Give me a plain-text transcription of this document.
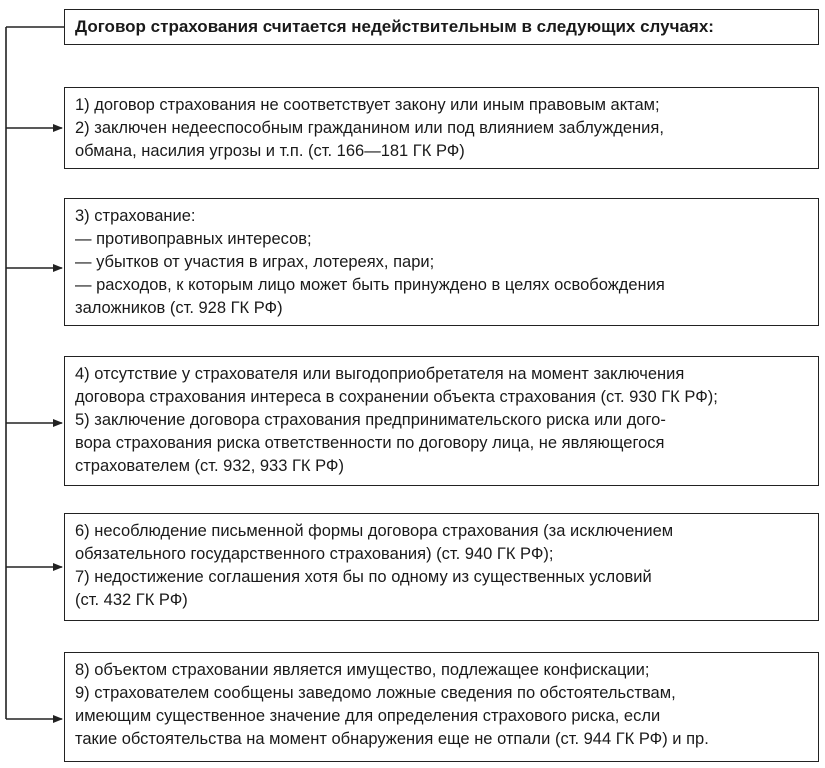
Договор страхования считается недействительным в следующих случаях:
1) договор страхования не соответствует закону или иным правовым актам;
2) заключен недееспособным гражданином или под влиянием заблуждения,
обмана, насилия угрозы и т.п. (ст. 166—181 ГК РФ)
3) страхование:
— противоправных интересов;
— убытков от участия в играх, лотереях, пари;
— расходов, к которым лицо может быть принуждено в целях освобождения
заложников (ст. 928 ГК РФ)
4) отсутствие у страхователя или выгодоприобретателя на момент заключения
договора страхования интереса в сохранении объекта страхования (ст. 930 ГК РФ);
5) заключение договора страхования предпринимательского риска или дого-
вора страхования риска ответственности по договору лица, не являющегося
страхователем (ст. 932, 933 ГК РФ)
6) несоблюдение письменной формы договора страхования (за исключением
обязательного государственного страхования) (ст. 940 ГК РФ);
7) недостижение соглашения хотя бы по одному из существенных условий
(ст. 432 ГК РФ)
8) объектом страховании является имущество, подлежащее конфискации;
9) страхователем сообщены заведомо ложные сведения по обстоятельствам,
имеющим существенное значение для определения страхового риска, если
такие обстоятельства на момент обнаружения еще не отпали (ст. 944 ГК РФ) и пр.
